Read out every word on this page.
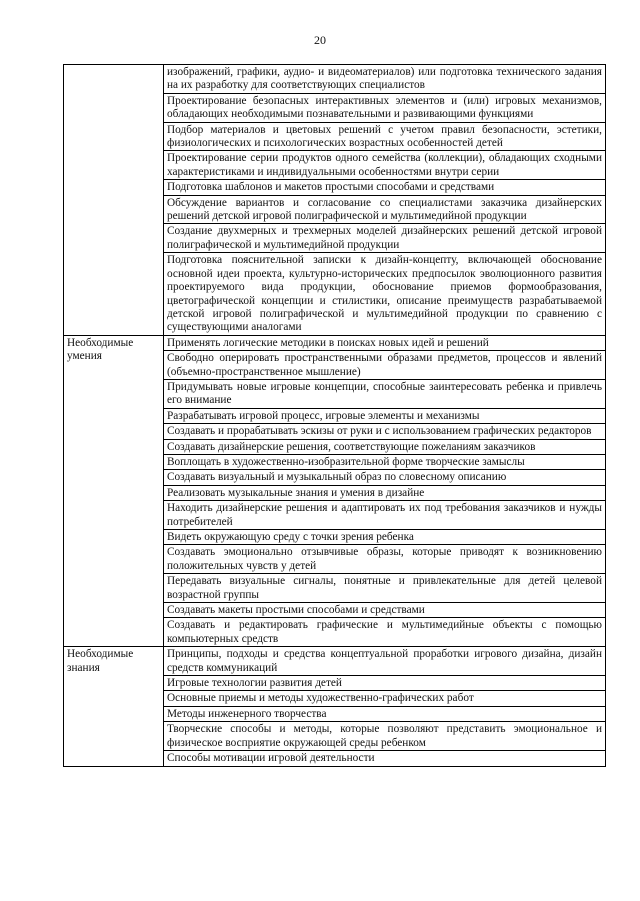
20
	изображений, графики, аудио- и видеоматериалов) или подготовка технического задания на их разработку для соответствующих специалистов
	Проектирование безопасных интерактивных элементов и (или) игровых механизмов, обладающих необходимыми познавательными и развивающими функциями
	Подбор материалов и цветовых решений с учетом правил безопасности, эстетики, физиологических и психологических возрастных особенностей детей
	Проектирование серии продуктов одного семейства (коллекции), обладающих сходными характеристиками и индивидуальными особенностями внутри серии
	Подготовка шаблонов и макетов простыми способами и средствами
	Обсуждение вариантов и согласование со специалистами заказчика дизайнерских решений детской игровой полиграфической и мультимедийной продукции
	Создание двухмерных и трехмерных моделей дизайнерских решений детской игровой полиграфической и мультимедийной продукции
	Подготовка пояснительной записки к дизайн-концепту, включающей обоснование основной идеи проекта, культурно-исторических предпосылок эволюционного развития проектируемого вида продукции, обоснование приемов формообразования, цветографической концепции и стилистики, описание преимуществ разрабатываемой детской игровой полиграфической и мультимедийной продукции по сравнению с существующими аналогами
Необходимые умения	Применять логические методики в поисках новых идей и решений
	Свободно оперировать пространственными образами предметов, процессов и явлений (объемно-пространственное мышление)
	Придумывать новые игровые концепции, способные заинтересовать ребенка и привлечь его внимание
	Разрабатывать игровой процесс, игровые элементы и механизмы
	Создавать и прорабатывать эскизы от руки и с использованием графических редакторов
	Создавать дизайнерские решения, соответствующие пожеланиям заказчиков
	Воплощать в художественно-изобразительной форме творческие замыслы
	Создавать визуальный и музыкальный образ по словесному описанию
	Реализовать музыкальные знания и умения в дизайне
	Находить дизайнерские решения и адаптировать их под требования заказчиков и нужды потребителей
	Видеть окружающую среду с точки зрения ребенка
	Создавать эмоционально отзывчивые образы, которые приводят к возникновению положительных чувств у детей
	Передавать визуальные сигналы, понятные и привлекательные для детей целевой возрастной группы
	Создавать макеты простыми способами и средствами
	Создавать и редактировать графические и мультимедийные объекты с помощью компьютерных средств
Необходимые знания	Принципы, подходы и средства концептуальной проработки игрового дизайна, дизайн средств коммуникаций
	Игровые технологии развития детей
	Основные приемы и методы художественно-графических работ
	Методы инженерного творчества
	Творческие способы и методы, которые позволяют представить эмоциональное и физическое восприятие окружающей среды ребенком
	Способы мотивации игровой деятельности
